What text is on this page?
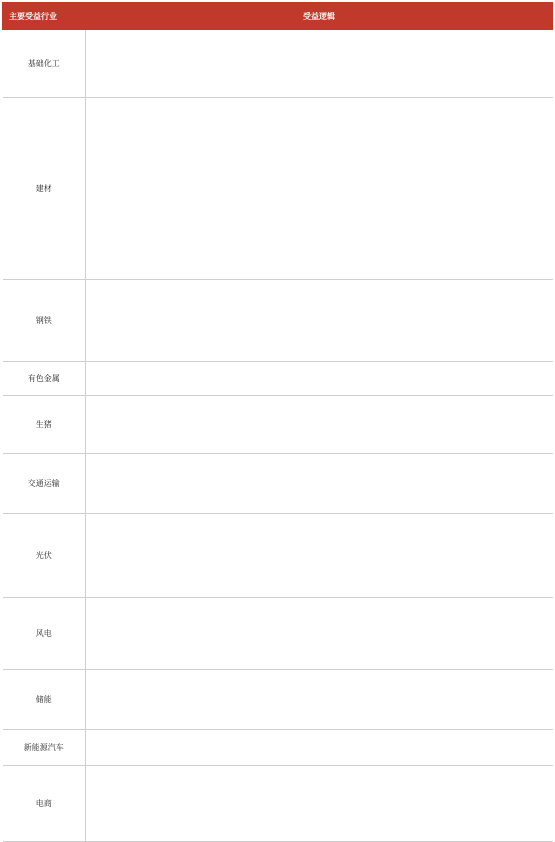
主要受益行业	受益逻辑
基础化工	

建材	

钢铁	

有色金属	

生猪	

交通运输	

光伏	

风电	

储能	

新能源汽车	

电商	
